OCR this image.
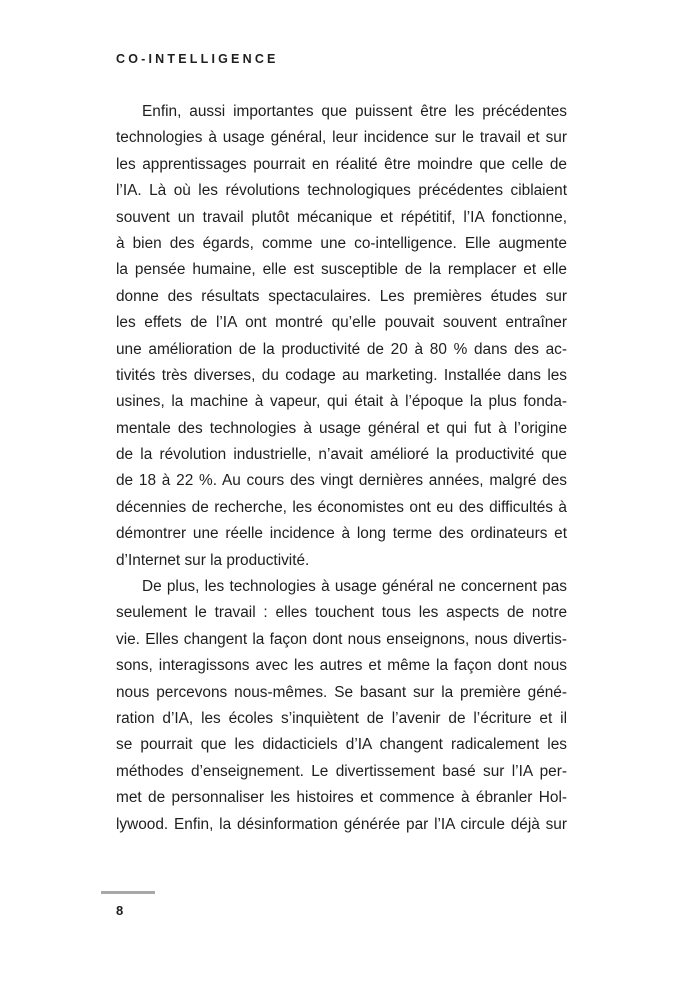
CO-INTELLIGENCE
Enfin, aussi importantes que puissent être les précédentes
technologies à usage général, leur incidence sur le travail et sur
les apprentissages pourrait en réalité être moindre que celle de
l’IA. Là où les révolutions technologiques précédentes ciblaient
souvent un travail plutôt mécanique et répétitif, l’IA fonctionne,
à bien des égards, comme une co-intelligence. Elle augmente
la pensée humaine, elle est susceptible de la remplacer et elle
donne des résultats spectaculaires. Les premières études sur
les effets de l’IA ont montré qu’elle pouvait souvent entraîner
une amélioration de la productivité de 20 à 80 % dans des ac-
tivités très diverses, du codage au marketing. Installée dans les
usines, la machine à vapeur, qui était à l’époque la plus fonda-
mentale des technologies à usage général et qui fut à l’origine
de la révolution industrielle, n’avait amélioré la productivité que
de 18 à 22 %. Au cours des vingt dernières années, malgré des
décennies de recherche, les économistes ont eu des difficultés à
démontrer une réelle incidence à long terme des ordinateurs et
d’Internet sur la productivité.
De plus, les technologies à usage général ne concernent pas
seulement le travail : elles touchent tous les aspects de notre
vie. Elles changent la façon dont nous enseignons, nous divertis-
sons, interagissons avec les autres et même la façon dont nous
nous percevons nous-mêmes. Se basant sur la première géné-
ration d’IA, les écoles s’inquiètent de l’avenir de l’écriture et il
se pourrait que les didacticiels d’IA changent radicalement les
méthodes d’enseignement. Le divertissement basé sur l’IA per-
met de personnaliser les histoires et commence à ébranler Hol-
lywood. Enfin, la désinformation générée par l’IA circule déjà sur
8
